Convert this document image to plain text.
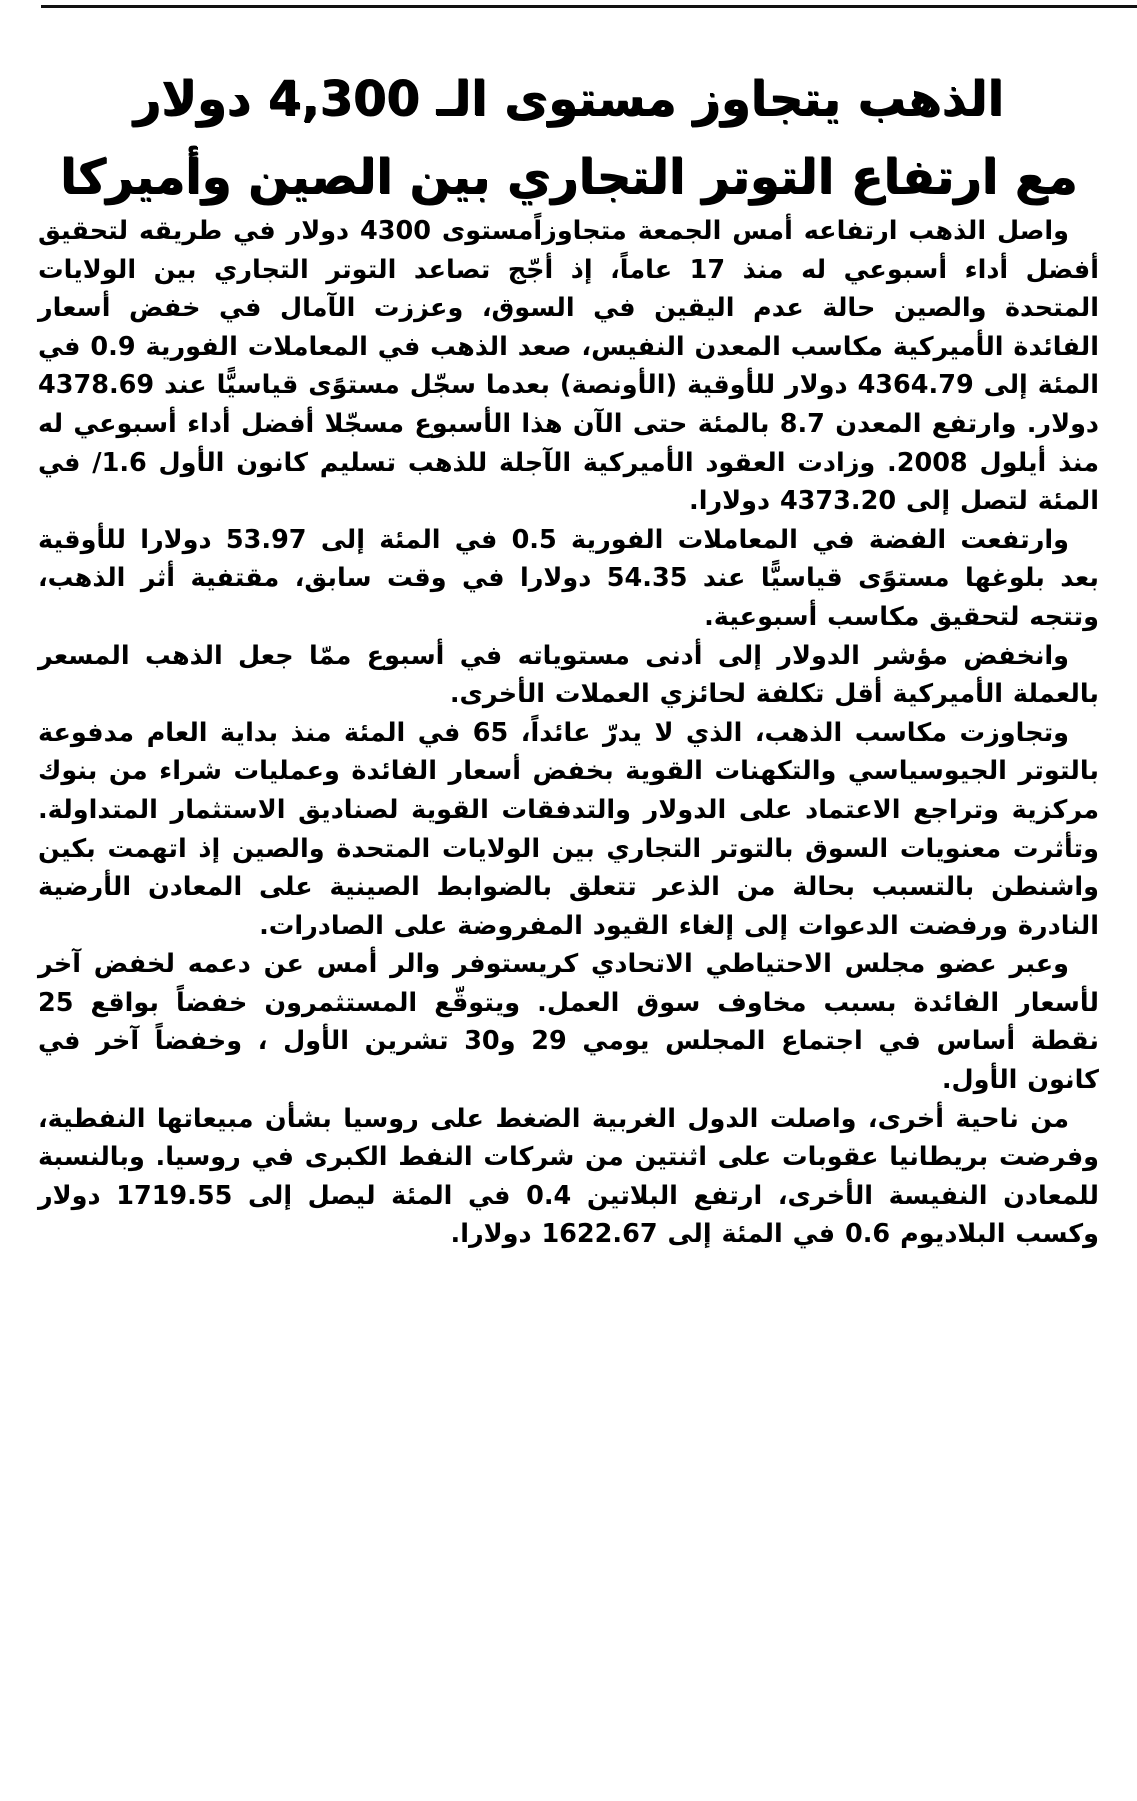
الذهب يتجاوز مستوى الـ 4,300 دولار
مع ارتفاع التوتر التجاري بين الصين وأميركا

واصل الذهب ارتفاعه أمس الجمعة متجاوزاًمستوى 4300 دولار في طريقه لتحقيق أفضل أداء أسبوعي له منذ 17 عاماً، إذ أجّج تصاعد التوتر التجاري بين الولايات المتحدة والصين حالة عدم اليقين في السوق، وعززت الآمال في خفض أسعار الفائدة الأميركية مكاسب المعدن النفيس، صعد الذهب في المعاملات الفورية 0.9 في المئة إلى 4364.79 دولار للأوقية (الأونصة) بعدما سجّل مستوًى قياسيًّا عند 4378.69 دولار. وارتفع المعدن 8.7 بالمئة حتى الآن هذا الأسبوع مسجّلا أفضل أداء أسبوعي له منذ أيلول 2008. وزادت العقود الأميركية الآجلة للذهب تسليم كانون الأول 1.6/ في المئة لتصل إلى 4373.20 دولارا.

وارتفعت الفضة في المعاملات الفورية 0.5 في المئة إلى 53.97 دولارا للأوقية بعد بلوغها مستوًى قياسيًّا عند 54.35 دولارا في وقت سابق، مقتفية أثر الذهب، وتتجه لتحقيق مكاسب أسبوعية.

وانخفض مؤشر الدولار إلى أدنى مستوياته في أسبوع ممّا جعل الذهب المسعر بالعملة الأميركية أقل تكلفة لحائزي العملات الأخرى.

وتجاوزت مكاسب الذهب، الذي لا يدرّ عائداً، 65 في المئة منذ بداية العام مدفوعة بالتوتر الجيوسياسي والتكهنات القوية بخفض أسعار الفائدة وعمليات شراء من بنوك مركزية وتراجع الاعتماد على الدولار والتدفقات القوية لصناديق الاستثمار المتداولة. وتأثرت معنويات السوق بالتوتر التجاري بين الولايات المتحدة والصين إذ اتهمت بكين واشنطن بالتسبب بحالة من الذعر تتعلق بالضوابط الصينية على المعادن الأرضية النادرة ورفضت الدعوات إلى إلغاء القيود المفروضة على الصادرات.

وعبر عضو مجلس الاحتياطي الاتحادي كريستوفر والر أمس عن دعمه لخفض آخر لأسعار الفائدة بسبب مخاوف سوق العمل. ويتوقّع المستثمرون خفضاً بواقع 25 نقطة أساس في اجتماع المجلس يومي 29 و30 تشرين الأول ، وخفضاً آخر في كانون الأول.

من ناحية أخرى، واصلت الدول الغربية الضغط على روسيا بشأن مبيعاتها النفطية، وفرضت بريطانيا عقوبات على اثنتين من شركات النفط الكبرى في روسيا. وبالنسبة للمعادن النفيسة الأخرى، ارتفع البلاتين 0.4 في المئة ليصل إلى 1719.55 دولار وكسب البلاديوم 0.6 في المئة إلى 1622.67 دولارا.
